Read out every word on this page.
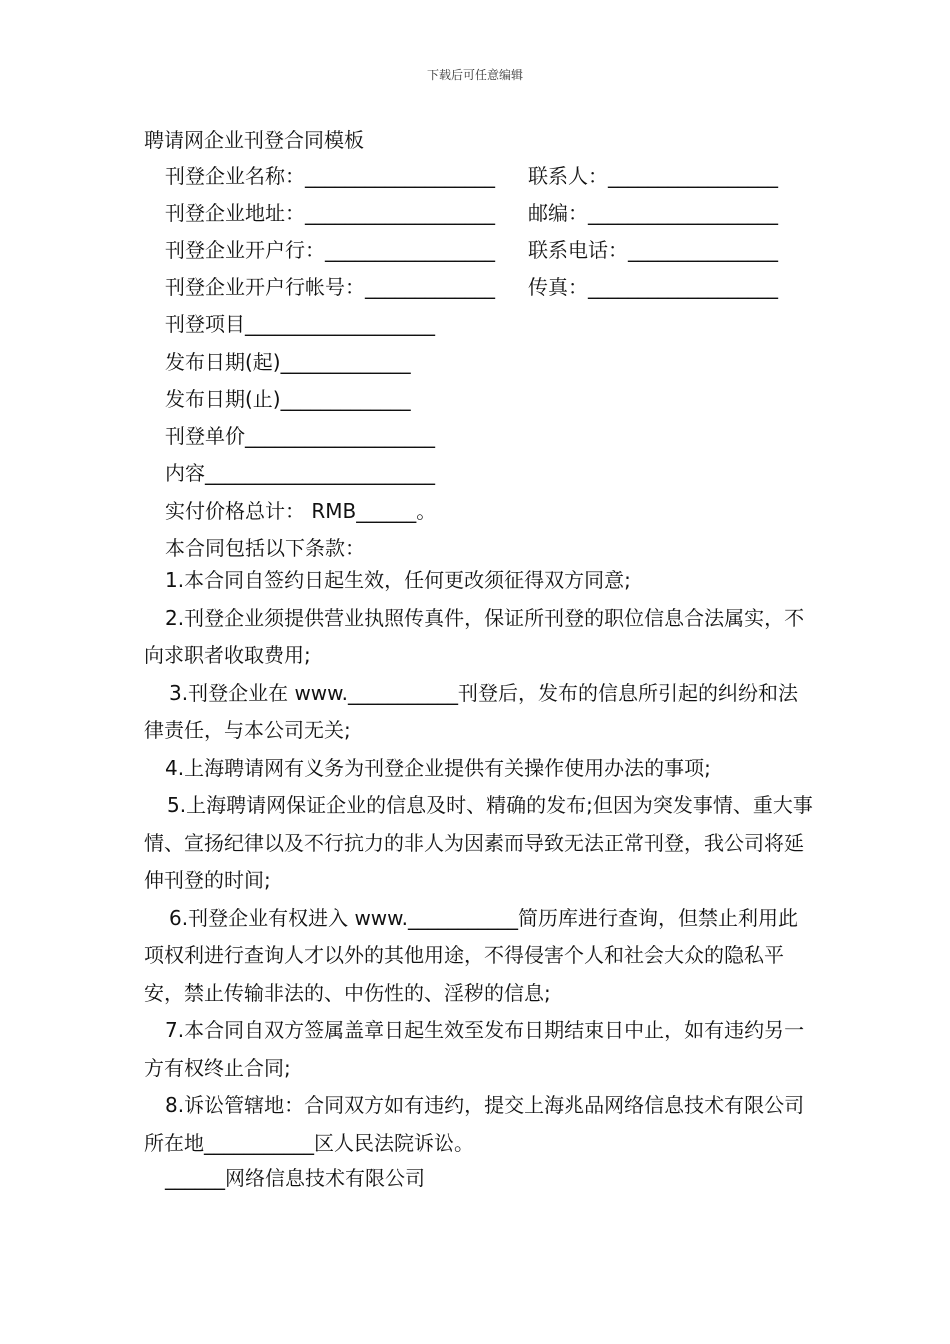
下载后可任意编辑
聘请网企业刊登合同模板
刊登企业名称：___________________ 联系人：_________________
刊登企业地址：___________________ 邮编：___________________
刊登企业开户行：_________________ 联系电话：_______________
刊登企业开户行帐号：_____________ 传真：___________________
刊登项目___________________
发布日期(起)_____________
发布日期(止)_____________
刊登单价___________________
内容_______________________
实付价格总计： RMB______。
本合同包括以下条款：

1.本合同自签约日起生效，任何更改须征得双方同意;

2.刊登企业须提供营业执照传真件，保证所刊登的职位信息合法属实，不向求职者收取费用;

3.刊登企业在 www.___________刊登后，发布的信息所引起的纠纷和法律责任，与本公司无关;

4.上海聘请网有义务为刊登企业提供有关操作使用办法的事项;

5.上海聘请网保证企业的信息及时、精确的发布;但因为突发事情、重大事情、宣扬纪律以及不行抗力的非人为因素而导致无法正常刊登，我公司将延伸刊登的时间;

6.刊登企业有权进入 www.___________简历库进行查询，但禁止利用此项权利进行查询人才以外的其他用途，不得侵害个人和社会大众的隐私平安，禁止传输非法的、中伤性的、淫秽的信息;

7.本合同自双方签属盖章日起生效至发布日期结束日中止，如有违约另一方有权终止合同;

8.诉讼管辖地：合同双方如有违约，提交上海兆品网络信息技术有限公司所在地___________区人民法院诉讼。

______网络信息技术有限公司
